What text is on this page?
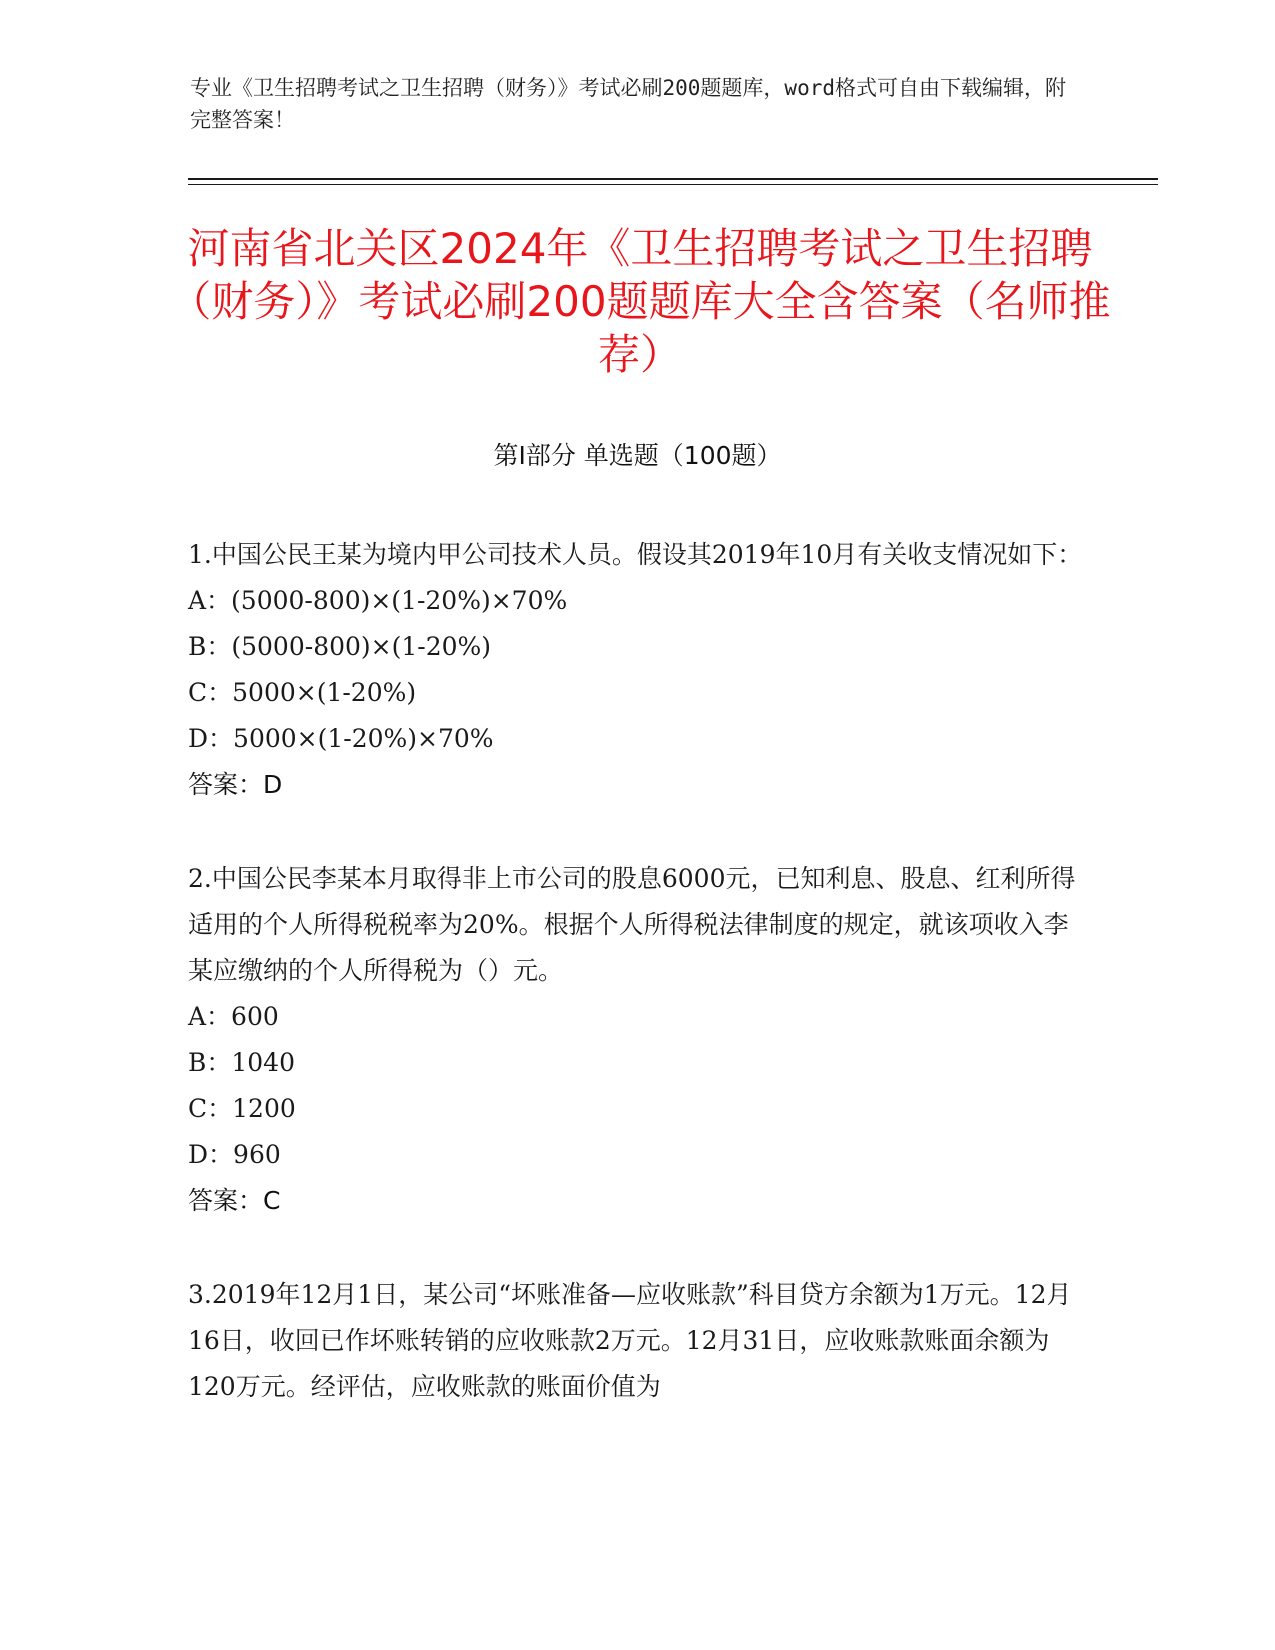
专业《卫生招聘考试之卫生招聘（财务）》考试必刷200题题库，word格式可自由下载编辑，附完整答案！
河南省北关区2024年《卫生招聘考试之卫生招聘（财务）》考试必刷200题题库大全含答案（名师推荐）
第Ⅰ部分 单选题（100题）

1.中国公民王某为境内甲公司技术人员。假设其2019年10月有关收支情况如下：

A：(5000-800)×(1-20%)×70%

B：(5000-800)×(1-20%)

C：5000×(1-20%)

D：5000×(1-20%)×70%

答案：D

2.中国公民李某本月取得非上市公司的股息6000元，已知利息、股息、红利所得适用的个人所得税税率为20%。根据个人所得税法律制度的规定，就该项收入李某应缴纳的个人所得税为（）元。

A：600

B：1040

C：1200

D：960

答案：C

3.2019年12月1日，某公司“坏账准备—应收账款”科目贷方余额为1万元。12月16日，收回已作坏账转销的应收账款2万元。12月31日，应收账款账面余额为120万元。经评估，应收账款的账面价值为
